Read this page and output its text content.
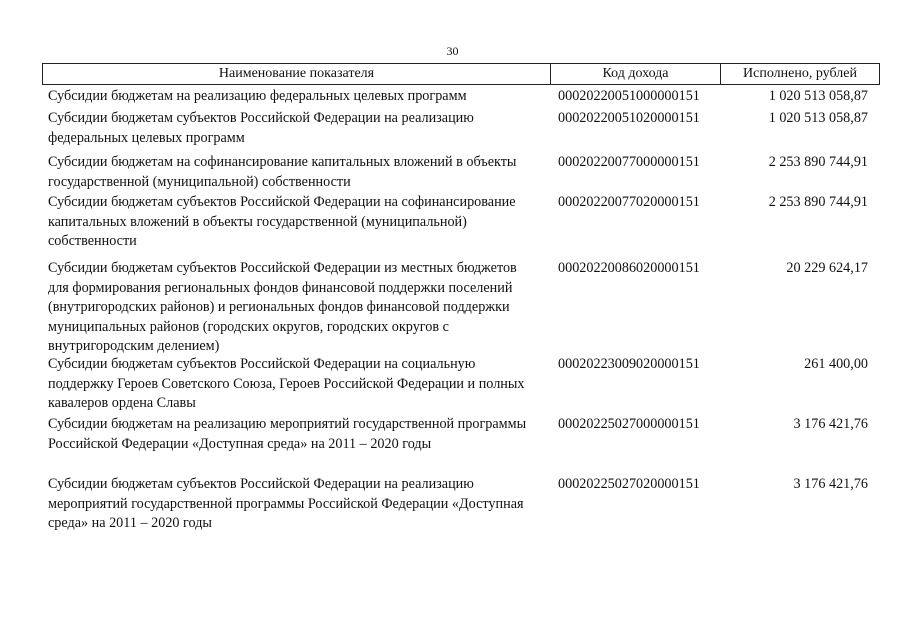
30
Наименование показателя	Код дохода	Исполнено, рублей
Субсидии бюджетам на реализацию федеральных целевых программ	00020220051000000151	1 020 513 058,87
Субсидии бюджетам субъектов Российской Федерации на реализацию федеральных целевых программ
00020220051020000151	1 020 513 058,87
Субсидии бюджетам на софинансирование капитальных вложений в объекты государственной (муниципальной) собственности
00020220077000000151	2 253 890 744,91
Субсидии бюджетам субъектов Российской Федерации на софинансирование капитальных вложений в объекты государственной (муниципальной) собственности
00020220077020000151	2 253 890 744,91
Субсидии бюджетам субъектов Российской Федерации из местных бюджетов для формирования региональных фондов финансовой поддержки поселений (внутригородских районов) и региональных фондов финансовой поддержки муниципальных районов (городских округов, городских округов с внутригородским делением)
00020220086020000151	20 229 624,17
Субсидии бюджетам субъектов Российской Федерации на социальную поддержку Героев Советского Союза, Героев Российской Федерации и полных кавалеров ордена Славы
00020223009020000151	261 400,00
Субсидии бюджетам на реализацию мероприятий государственной программы Российской Федерации «Доступная среда» на 2011 – 2020 годы
00020225027000000151	3 176 421,76
Субсидии бюджетам субъектов Российской Федерации на реализацию мероприятий государственной программы Российской Федерации «Доступная среда» на 2011 – 2020 годы
00020225027020000151	3 176 421,76
